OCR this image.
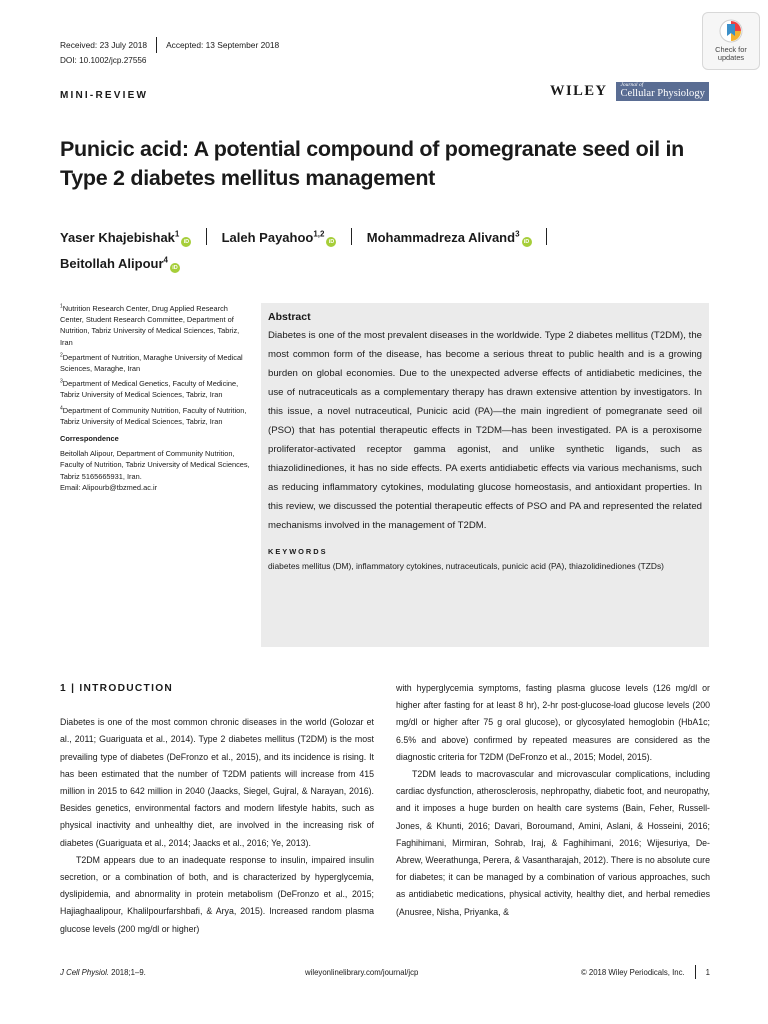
Received: 23 July 2018 Accepted: 13 September 2018
DOI: 10.1002/jcp.27556
Check for
updates
MINI-REVIEW	WILEY Journal of
Cellular Physiology
Punicic acid: A potential compound of pomegranate seed oil in Type 2 diabetes mellitus management
Yaser Khajebishak$^1$iD	Laleh Payahoo$^{1,2}$iD	Mohammadreza Alivand$^3$iD
Beitollah Alipour$^4$iD

$^1$Nutrition Research Center, Drug Applied Research Center, Student Research Committee, Department of Nutrition, Tabriz University of Medical Sciences, Tabriz, Iran

$^2$Department of Nutrition, Maraghe University of Medical Sciences, Maraghe, Iran

$^3$Department of Medical Genetics, Faculty of Medicine, Tabriz University of Medical Sciences, Tabriz, Iran

$^4$Department of Community Nutrition, Faculty of Nutrition, Tabriz University of Medical Sciences, Tabriz, Iran

Correspondence

Beitollah Alipour, Department of Community Nutrition, Faculty of Nutrition, Tabriz University of Medical Sciences, Tabriz 5165665931, Iran.
Email: Alipourb@tbzmed.ac.ir

Abstract

Diabetes is one of the most prevalent diseases in the worldwide. Type 2 diabetes mellitus (T2DM), the most common form of the disease, has become a serious threat to public health and is a growing burden on global economies. Due to the unexpected adverse effects of antidiabetic medicines, the use of nutraceuticals as a complementary therapy has drawn extensive attention by investigators. In this issue, a novel nutraceutical, Punicic acid (PA)—the main ingredient of pomegranate seed oil (PSO) that has potential therapeutic effects in T2DM—has been investigated. PA is a peroxisome proliferator-activated receptor gamma agonist, and unlike synthetic ligands, such as thiazolidinediones, it has no side effects. PA exerts antidiabetic effects via various mechanisms, such as reducing inflammatory cytokines, modulating glucose homeostasis, and antioxidant properties. In this review, we discussed the potential therapeutic effects of PSO and PA and represented the related mechanisms involved in the management of T2DM.

KEYWORDS

diabetes mellitus (DM), inflammatory cytokines, nutraceuticals, punicic acid (PA), thiazolidinediones (TZDs)

1 | INTRODUCTION

Diabetes is one of the most common chronic diseases in the world (Golozar et al., 2011; Guariguata et al., 2014). Type 2 diabetes mellitus (T2DM) is the most prevailing type of diabetes (DeFronzo et al., 2015), and its incidence is rising. It has been estimated that the number of T2DM patients will increase from 415 million in 2015 to 642 million in 2040 (Jaacks, Siegel, Gujral, & Narayan, 2016). Besides genetics, environmental factors and modern lifestyle habits, such as physical inactivity and unhealthy diet, are involved in the increasing risk of diabetes (Guariguata et al., 2014; Jaacks et al., 2016; Ye, 2013).

T2DM appears due to an inadequate response to insulin, impaired insulin secretion, or a combination of both, and is characterized by hyperglycemia, dyslipidemia, and abnormality in protein metabolism (DeFronzo et al., 2015; Hajiaghaalipour, Khalilpourfarshbafi, & Arya, 2015). Increased random plasma glucose levels (200 mg/dl or higher)

with hyperglycemia symptoms, fasting plasma glucose levels (126 mg/dl or higher after fasting for at least 8 hr), 2-hr post-glucose-load glucose levels (200 mg/dl or higher after 75 g oral glucose), or glycosylated hemoglobin (HbA1c; 6.5% and above) confirmed by repeated measures are considered as the diagnostic criteria for T2DM (DeFronzo et al., 2015; Model, 2015).

T2DM leads to macrovascular and microvascular complications, including cardiac dysfunction, atherosclerosis, nephropathy, diabetic foot, and neuropathy, and it imposes a huge burden on health care systems (Bain, Feher, Russell-Jones, & Khunti, 2016; Davari, Boroumand, Amini, Aslani, & Hosseini, 2016; Faghihimani, Mirmiran, Sohrab, Iraj, & Faghihimani, 2016; Wijesuriya, De-Abrew, Weerathunga, Perera, & Vasantharajah, 2012). There is no absolute cure for diabetes; it can be managed by a combination of various approaches, such as antidiabetic medications, physical activity, healthy diet, and herbal remedies (Anusree, Nisha, Priyanka, &

J Cell Physiol. 2018;1–9.	wileyonlinelibrary.com/journal/jcp	© 2018 Wiley Periodicals, Inc.	1
